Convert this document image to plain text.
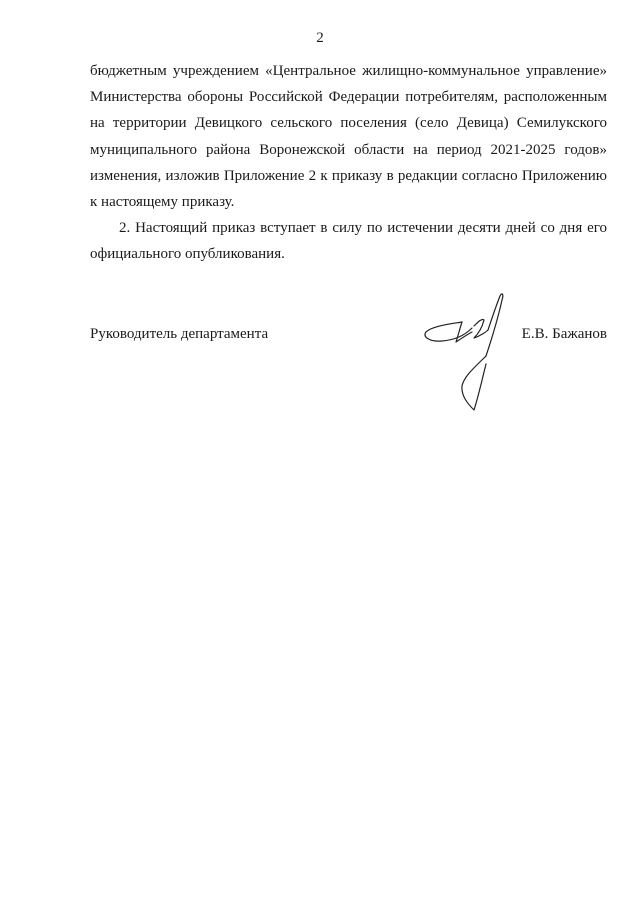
2

бюджетным учреждением «Центральное жилищно-коммунальное управление»
Министерства обороны Российской Федерации потребителям, расположенным
на территории Девицкого сельского поселения (село Девица) Семилукского
муниципального района Воронежской области на период 2021-2025 годов»
изменения, изложив Приложение 2 к приказу в редакции согласно Приложению
к настоящему приказу.

2. Настоящий приказ вступает в силу по истечении десяти дней со дня его
официального опубликования.

Руководитель департамента	Е.В. Бажанов
